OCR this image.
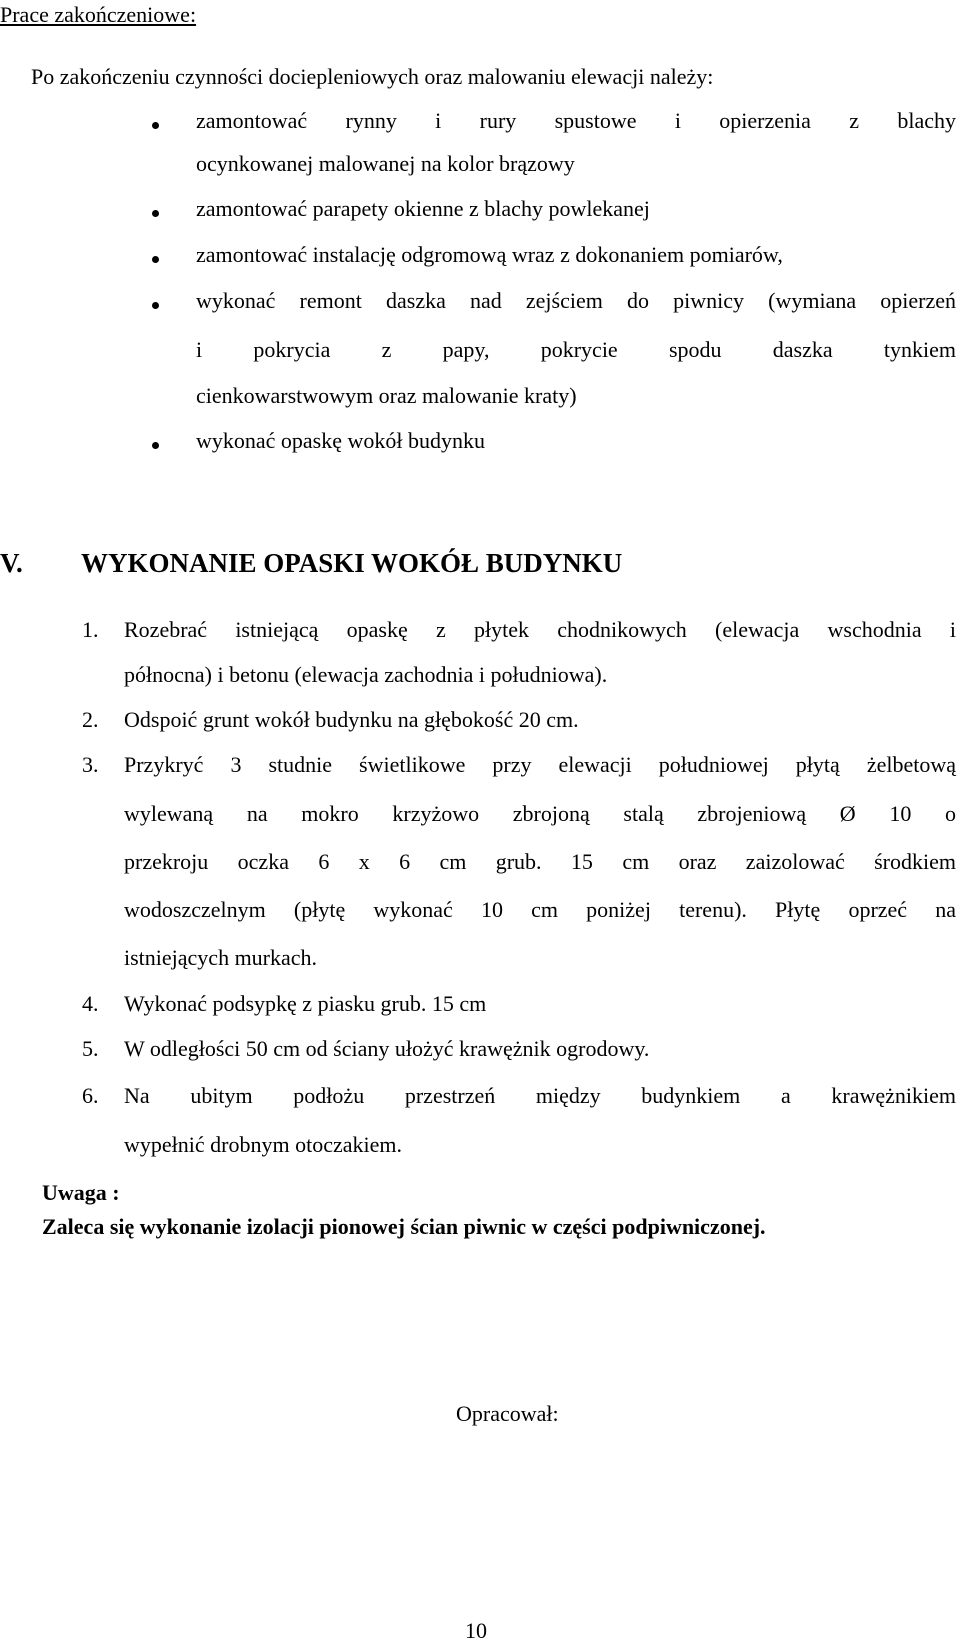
Prace zakończeniowe:
Po zakończeniu czynności dociepleniowych oraz malowaniu elewacji należy:
zamontować rynny i rury spustowe i opierzenia z blachy
ocynkowanej malowanej na kolor brązowy
zamontować parapety okienne z blachy powlekanej
zamontować instalację odgromową wraz z dokonaniem pomiarów,
wykonać remont daszka nad zejściem do piwnicy (wymiana opierzeń
i pokrycia z papy, pokrycie spodu daszka tynkiem
cienkowarstwowym oraz malowanie kraty)
wykonać opaskę wokół budynku
V. WYKONANIE OPASKI WOKÓŁ BUDYNKU
1. Rozebrać istniejącą opaskę z płytek chodnikowych (elewacja wschodnia i
północna) i betonu (elewacja zachodnia i południowa).
2. Odspoić grunt wokół budynku na głębokość 20 cm.
3. Przykryć 3 studnie świetlikowe przy elewacji południowej płytą żelbetową
wylewaną na mokro krzyżowo zbrojoną stalą zbrojeniową Ø 10 o
przekroju oczka 6 x 6 cm grub. 15 cm oraz zaizolować środkiem
wodoszczelnym (płytę wykonać 10 cm poniżej terenu). Płytę oprzeć na
istniejących murkach.
4. Wykonać podsypkę z piasku grub. 15 cm
5. W odległości 50 cm od ściany ułożyć krawężnik ogrodowy.
6. Na ubitym podłożu przestrzeń między budynkiem a krawężnikiem
wypełnić drobnym otoczakiem.
Uwaga :
Zaleca się wykonanie izolacji pionowej ścian piwnic w części podpiwniczonej.
Opracował:
10
